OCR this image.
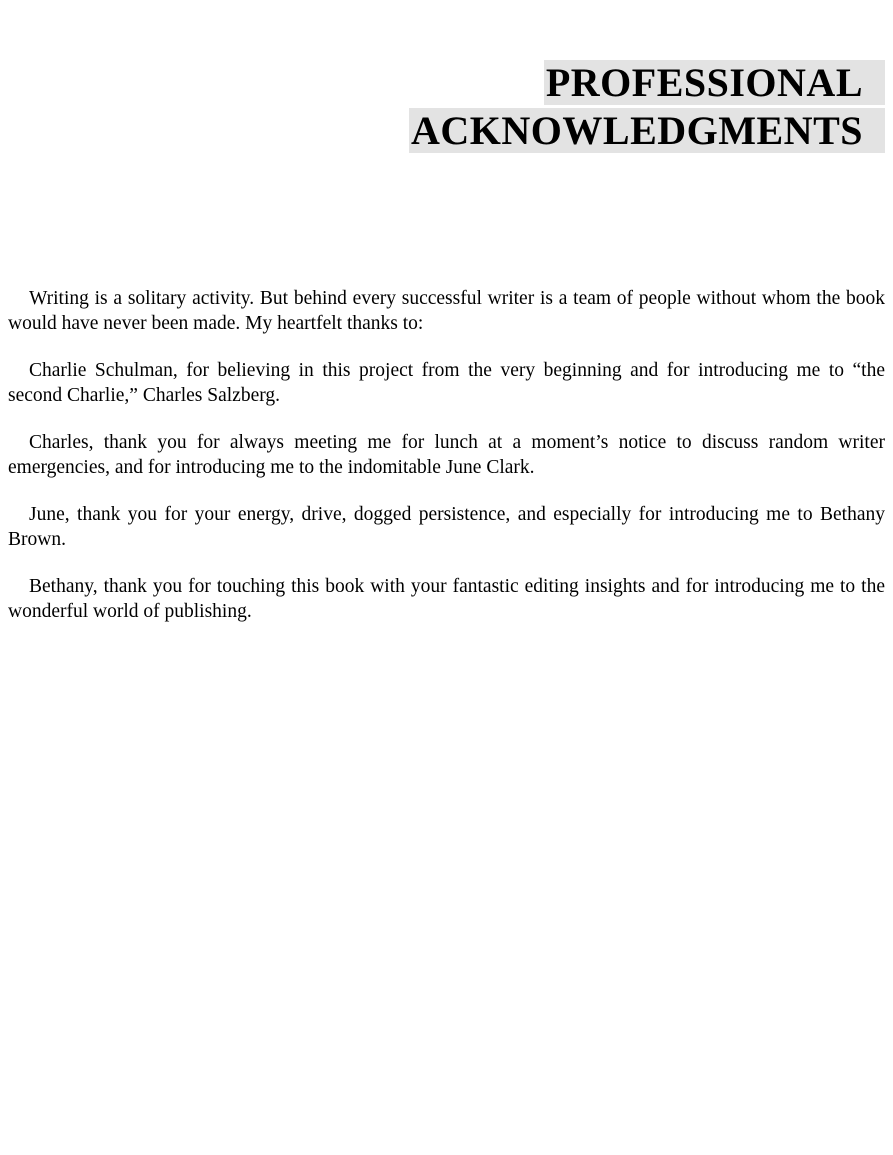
PROFESSIONAL
ACKNOWLEDGMENTS

Writing is a solitary activity. But behind every successful writer is a team of people without whom the book would have never been made. My heartfelt thanks to:

Charlie Schulman, for believing in this project from the very beginning and for introducing me to “the second Charlie,” Charles Salzberg.

Charles, thank you for always meeting me for lunch at a moment’s notice to discuss random writer emergencies, and for introducing me to the indomitable June Clark.

June, thank you for your energy, drive, dogged persistence, and especially for introducing me to Bethany Brown.

Bethany, thank you for touching this book with your fantastic editing insights and for introducing me to the wonderful world of publishing.
